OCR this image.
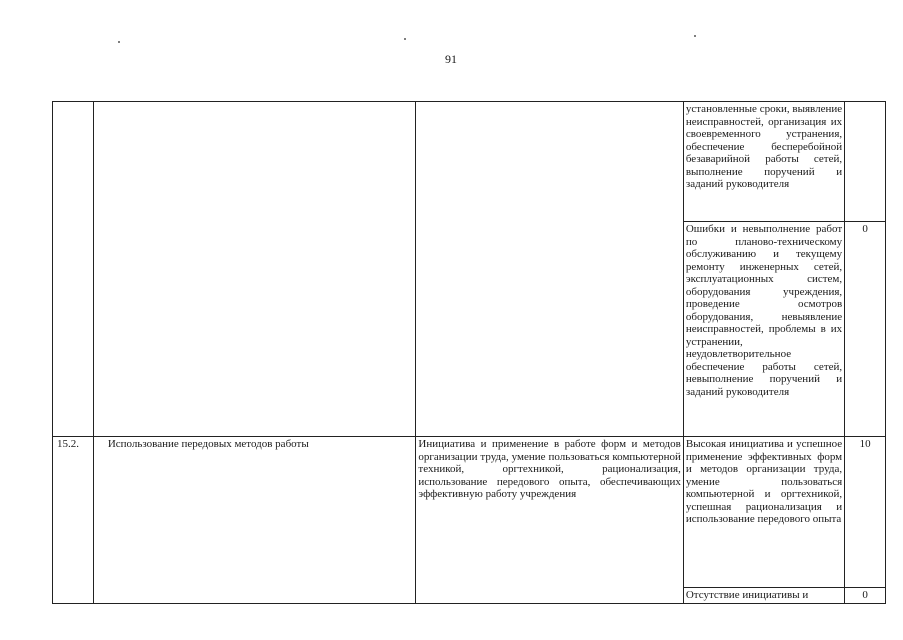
91
			установленные сроки, выявление неисправностей, организация их своевременного устранения, обеспечение бесперебойной безаварийной работы сетей, выполнение поручений и заданий руководителя	
			Ошибки и невыполнение работ по планово-техническому обслуживанию и текущему ремонту инженерных сетей, эксплуатационных систем, оборудования учреждения, проведение осмотров оборудования, невыявление неисправностей, проблемы в их устранении, неудовлетворительное обеспечение работы сетей, невыполнение поручений и заданий руководителя	0
15.2.	Использование передовых методов работы	Инициатива и применение в работе форм и методов организации труда, умение пользоваться компьютерной техникой, оргтехникой, рационализация, использование передового опыта, обеспечивающих эффективную работу учреждения	Высокая инициатива и успешное применение эффективных форм и методов организации труда, умение пользоваться компьютерной и оргтехникой, успешная рационализация и использование передового опыта	10
			Отсутствие инициативы и	0
